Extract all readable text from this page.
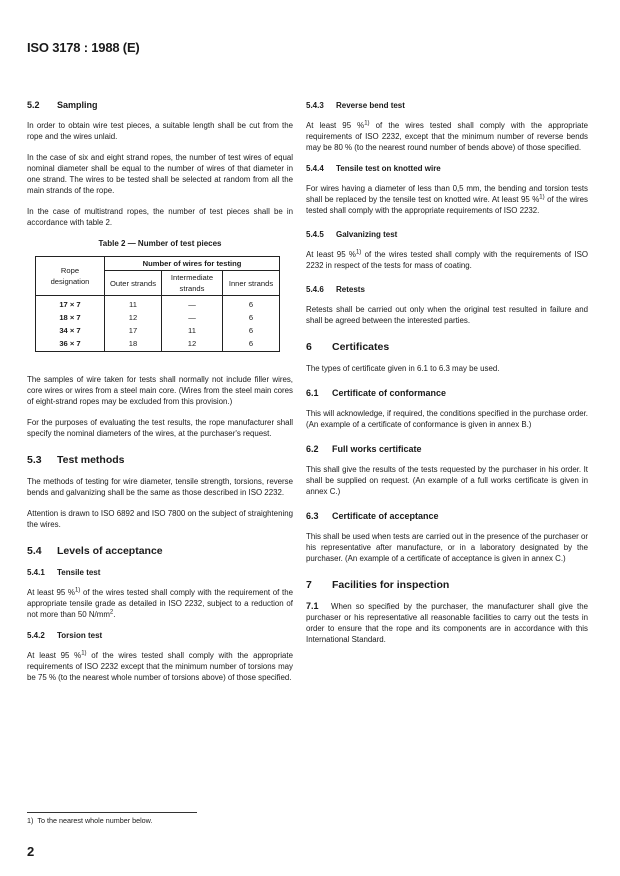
ISO 3178 : 1988 (E)
5.2 Sampling

In order to obtain wire test pieces, a suitable length shall be cut from the rope and the wires unlaid.

In the case of six and eight strand ropes, the number of test wires of equal nominal diameter shall be equal to the number of wires of that diameter in one strand. The wires to be tested shall be selected at random from all the main strands of the rope.

In the case of multistrand ropes, the number of test pieces shall be in accordance with table 2.

Table 2 — Number of test pieces
Rope
designation	Number of wires for testing		
	Outer strands	Intermediate strands	Inner strands
17 × 7	11	—	6
18 × 7	12	—	6
34 × 7	17	11	6
36 × 7	18	12	6

The samples of wire taken for tests shall normally not include filler wires, core wires or wires from a steel main core. (Wires from the steel main cores of eight-strand ropes may be excluded from this provision.)

For the purposes of evaluating the test results, the rope manufacturer shall specify the nominal diameters of the wires, at the purchaser's request.

5.3 Test methods

The methods of testing for wire diameter, tensile strength, torsions, reverse bends and galvanizing shall be the same as those described in ISO 2232.

Attention is drawn to ISO 6892 and ISO 7800 on the subject of straightening the wires.

5.4 Levels of acceptance
5.4.1 Tensile test

At least 95 %$^{1)}$ of the wires tested shall comply with the requirement of the appropriate tensile grade as detailed in ISO 2232, subject to a reduction of not more than 50 $N/mm^2$.

5.4.2 Torsion test

At least 95 %$^{1)}$ of the wires tested shall comply with the appropriate requirements of ISO 2232 except that the minimum number of torsions may be 75 % (to the nearest whole number of torsions above) of those specified.

5.4.3 Reverse bend test

At least 95 %$^{1)}$ of the wires tested shall comply with the appropriate requirements of ISO 2232, except that the minimum number of reverse bends may be 80 % (to the nearest round number of bends above) of those specified.

5.4.4 Tensile test on knotted wire

For wires having a diameter of less than 0,5 mm, the bending and torsion tests shall be replaced by the tensile test on knotted wire. At least 95 %$^{1)}$ of the wires tested shall comply with the appropriate requirements of ISO 2232.

5.4.5 Galvanizing test

At least 95 %$^{1)}$ of the wires tested shall comply with the requirements of ISO 2232 in respect of the tests for mass of coating.

5.4.6 Retests

Retests shall be carried out only when the original test resulted in failure and shall be agreed between the interested parties.

6 Certificates

The types of certificate given in 6.1 to 6.3 may be used.

6.1 Certificate of conformance

This will acknowledge, if required, the conditions specified in the purchase order. (An example of a certificate of conformance is given in annex B.)

6.2 Full works certificate

This shall give the results of the tests requested by the purchaser in his order. It shall be supplied on request. (An example of a full works certificate is given in annex C.)

6.3 Certificate of acceptance

This shall be used when tests are carried out in the presence of the purchaser or his representative after manufacture, or in a laboratory designated by the purchaser. (An example of a certificate of acceptance is given in annex C.)

7 Facilities for inspection

7.1 When so specified by the purchaser, the manufacturer shall give the purchaser or his representative all reasonable facilities to carry out the tests in order to ensure that the rope and its components are in accordance with this International Standard.

1) To the nearest whole number below.
2
